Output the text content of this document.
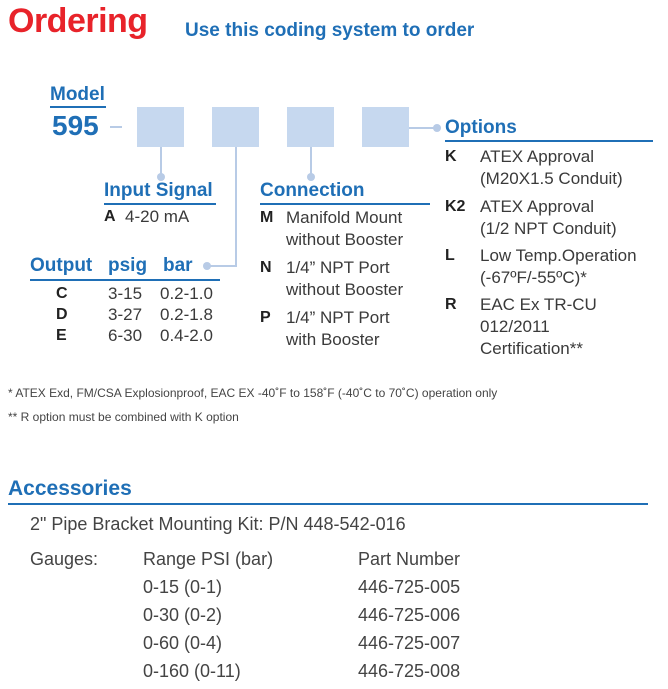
Ordering Use this coding system to order
Model
595
Input Signal
A 4-20 mA
Output psig bar
C 3-15 0.2-1.0
D 3-27 0.2-1.8
E 6-30 0.4-2.0
Connection
M Manifold Mount
without Booster
N 1/4” NPT Port
without Booster
P 1/4” NPT Port
with Booster
Options
K ATEX Approval
(M20X1.5 Conduit)
K2 ATEX Approval
(1/2 NPT Conduit)
L Low Temp.Operation
(-67ºF/-55ºC)*
R EAC Ex TR-CU
012/2011
Certification**
* ATEX Exd, FM/CSA Explosionproof, EAC EX -40˚F to 158˚F (-40˚C to 70˚C) operation only
** R option must be combined with K option
Accessories
2" Pipe Bracket Mounting Kit: P/N 448-542-016
Gauges: Range PSI (bar)	Part Number
0-15 (0-1)	446-725-005
0-30 (0-2)	446-725-006
0-60 (0-4)	446-725-007
0-160 (0-11)	446-725-008
